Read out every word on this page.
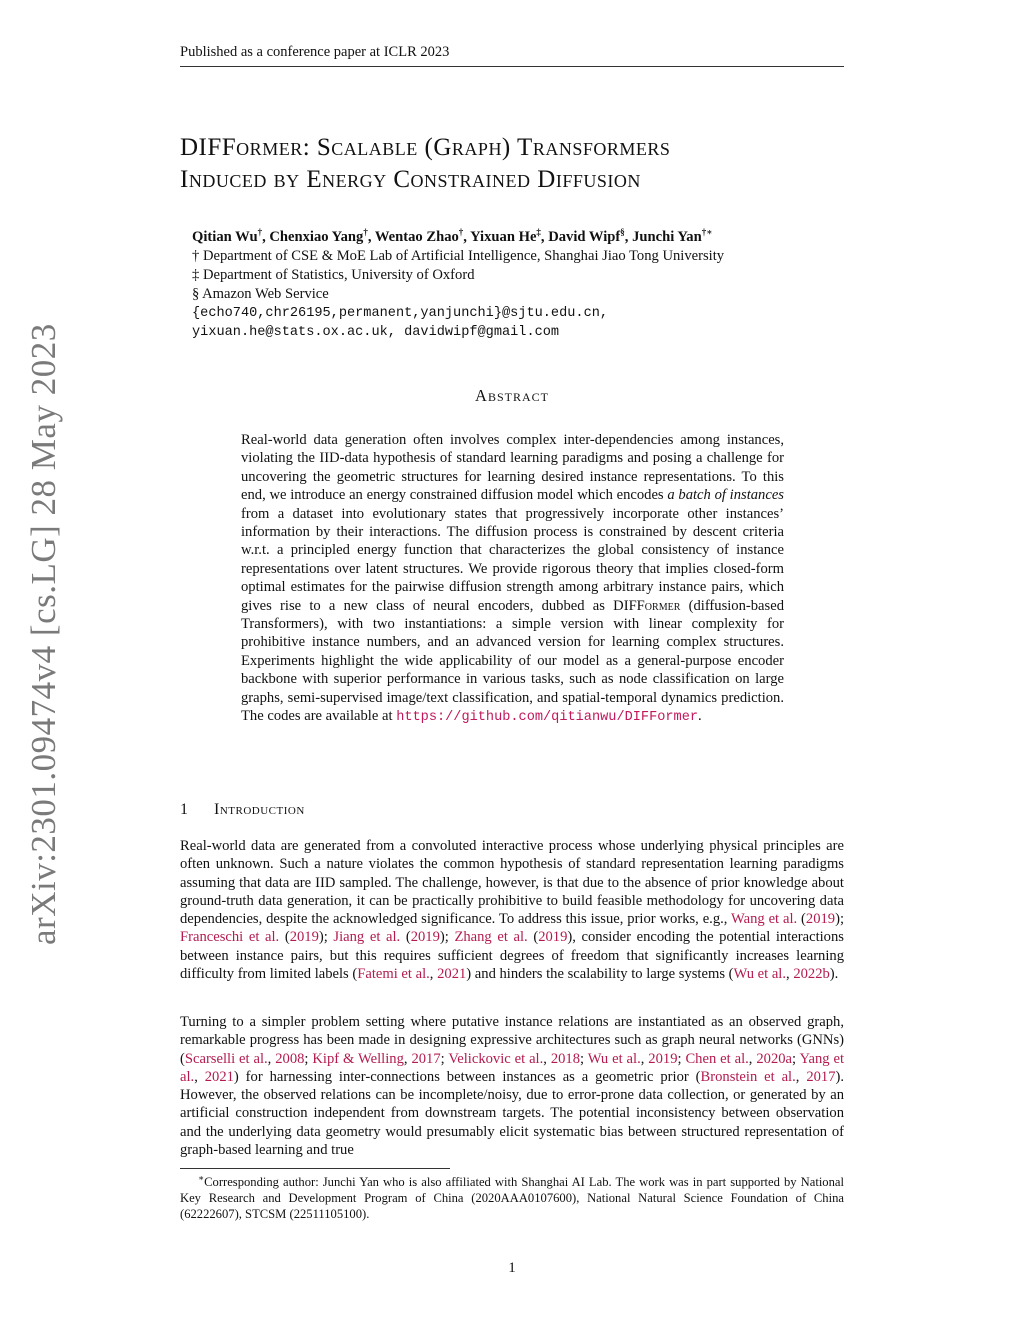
Published as a conference paper at ICLR 2023
arXiv:2301.09474v4 [cs.LG] 28 May 2023
DIFFormer: Scalable (Graph) Transformers
Induced by Energy Constrained Diffusion
Qitian Wu†, Chenxiao Yang†, Wentao Zhao†, Yixuan He‡, David Wipf§, Junchi Yan†∗
† Department of CSE & MoE Lab of Artificial Intelligence, Shanghai Jiao Tong University
‡ Department of Statistics, University of Oxford
§ Amazon Web Service
{echo740,chr26195,permanent,yanjunchi}@sjtu.edu.cn,
yixuan.he@stats.ox.ac.uk, davidwipf@gmail.com
Abstract

Real-world data generation often involves complex inter-dependencies among instances, violating the IID-data hypothesis of standard learning paradigms and posing a challenge for uncovering the geometric structures for learning desired instance representations. To this end, we introduce an energy constrained diffusion model which encodes a batch of instances from a dataset into evolutionary states that progressively incorporate other instances’ information by their interactions. The diffusion process is constrained by descent criteria w.r.t. a principled energy function that characterizes the global consistency of instance representations over latent structures. We provide rigorous theory that implies closed-form optimal estimates for the pairwise diffusion strength among arbitrary instance pairs, which gives rise to a new class of neural encoders, dubbed as DIFFormer (diffusion-based Transformers), with two instantiations: a simple version with linear complexity for prohibitive instance numbers, and an advanced version for learning complex structures. Experiments highlight the wide applicability of our model as a general-purpose encoder backbone with superior performance in various tasks, such as node classification on large graphs, semi-supervised image/text classification, and spatial-temporal dynamics prediction. The codes are available at https://github.com/qitianwu/DIFFormer.

1 Introduction

Real-world data are generated from a convoluted interactive process whose underlying physical principles are often unknown. Such a nature violates the common hypothesis of standard representation learning paradigms assuming that data are IID sampled. The challenge, however, is that due to the absence of prior knowledge about ground-truth data generation, it can be practically prohibitive to build feasible methodology for uncovering data dependencies, despite the acknowledged significance. To address this issue, prior works, e.g., Wang et al. (2019); Franceschi et al. (2019); Jiang et al. (2019); Zhang et al. (2019), consider encoding the potential interactions between instance pairs, but this requires sufficient degrees of freedom that significantly increases learning difficulty from limited labels (Fatemi et al., 2021) and hinders the scalability to large systems (Wu et al., 2022b).

Turning to a simpler problem setting where putative instance relations are instantiated as an observed graph, remarkable progress has been made in designing expressive architectures such as graph neural networks (GNNs) (Scarselli et al., 2008; Kipf & Welling, 2017; Velickovic et al., 2018; Wu et al., 2019; Chen et al., 2020a; Yang et al., 2021) for harnessing inter-connections between instances as a geometric prior (Bronstein et al., 2017). However, the observed relations can be incomplete/noisy, due to error-prone data collection, or generated by an artificial construction independent from downstream targets. The potential inconsistency between observation and the underlying data geometry would presumably elicit systematic bias between structured representation of graph-based learning and true

∗Corresponding author: Junchi Yan who is also affiliated with Shanghai AI Lab. The work was in part supported by National Key Research and Development Program of China (2020AAA0107600), National Natural Science Foundation of China (62222607), STCSM (22511105100).

1
